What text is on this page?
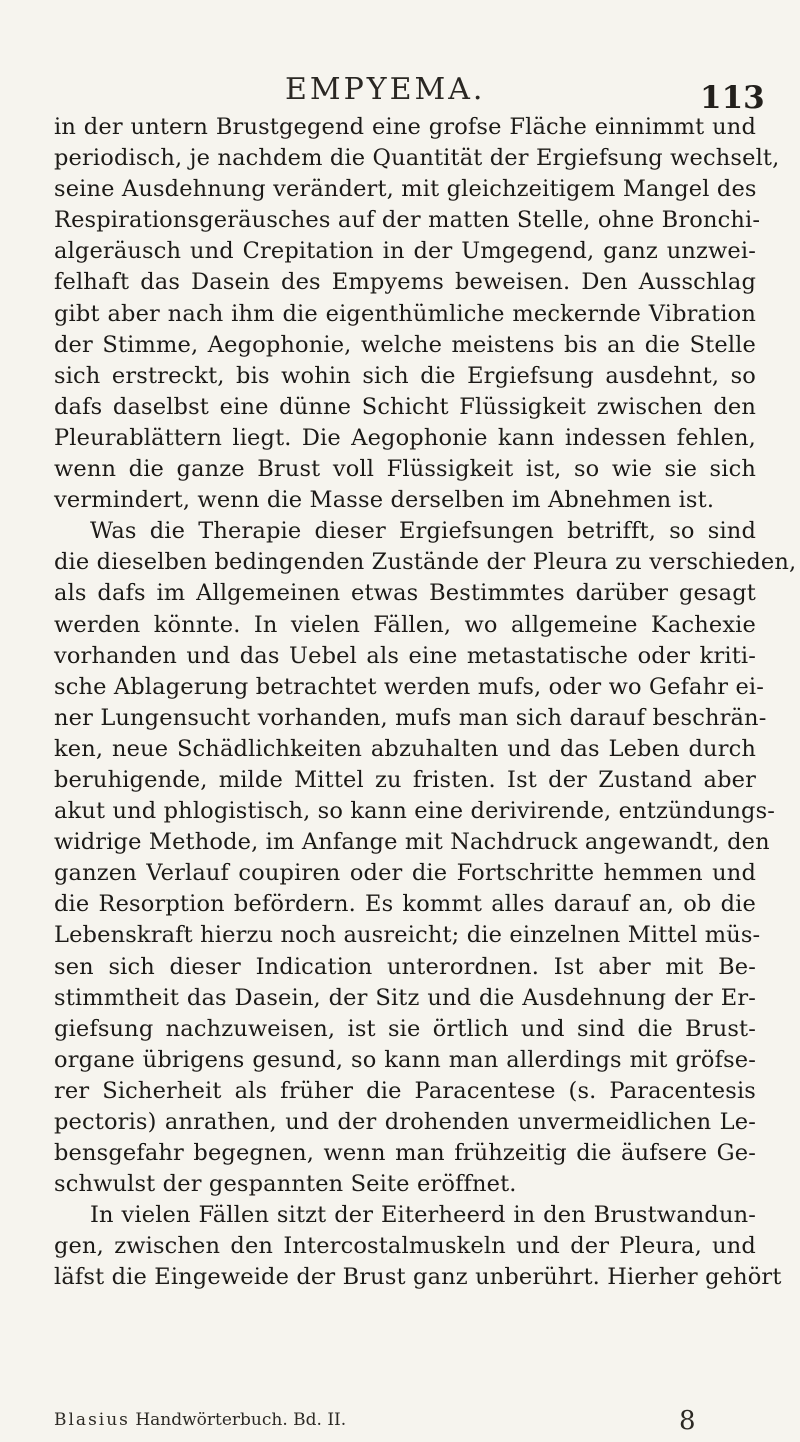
EMPYEMA.	113
in der untern Brustgegend eine grofse Fläche einnimmt und
periodisch, je nachdem die Quantität der Ergiefsung wechselt,
seine Ausdehnung verändert, mit gleichzeitigem Mangel des
Respirationsgeräusches auf der matten Stelle, ohne Bronchi-
algeräusch und Crepitation in der Umgegend, ganz unzwei-
felhaft das Dasein des Empyems beweisen. Den Ausschlag
gibt aber nach ihm die eigenthümliche meckernde Vibration
der Stimme, Aegophonie, welche meistens bis an die Stelle
sich erstreckt, bis wohin sich die Ergiefsung ausdehnt, so
dafs daselbst eine dünne Schicht Flüssigkeit zwischen den
Pleurablättern liegt. Die Aegophonie kann indessen fehlen,
wenn die ganze Brust voll Flüssigkeit ist, so wie sie sich
vermindert, wenn die Masse derselben im Abnehmen ist.
Was die Therapie dieser Ergiefsungen betrifft, so sind
die dieselben bedingenden Zustände der Pleura zu verschieden,
als dafs im Allgemeinen etwas Bestimmtes darüber gesagt
werden könnte. In vielen Fällen, wo allgemeine Kachexie
vorhanden und das Uebel als eine metastatische oder kriti-
sche Ablagerung betrachtet werden mufs, oder wo Gefahr ei-
ner Lungensucht vorhanden, mufs man sich darauf beschrän-
ken, neue Schädlichkeiten abzuhalten und das Leben durch
beruhigende, milde Mittel zu fristen. Ist der Zustand aber
akut und phlogistisch, so kann eine derivirende, entzündungs-
widrige Methode, im Anfange mit Nachdruck angewandt, den
ganzen Verlauf coupiren oder die Fortschritte hemmen und
die Resorption befördern. Es kommt alles darauf an, ob die
Lebenskraft hierzu noch ausreicht; die einzelnen Mittel müs-
sen sich dieser Indication unterordnen. Ist aber mit Be-
stimmtheit das Dasein, der Sitz und die Ausdehnung der Er-
giefsung nachzuweisen, ist sie örtlich und sind die Brust-
organe übrigens gesund, so kann man allerdings mit gröfse-
rer Sicherheit als früher die Paracentese (s. Paracentesis
pectoris) anrathen, und der drohenden unvermeidlichen Le-
bensgefahr begegnen, wenn man frühzeitig die äufsere Ge-
schwulst der gespannten Seite eröffnet.
In vielen Fällen sitzt der Eiterheerd in den Brustwandun-
gen, zwischen den Intercostalmuskeln und der Pleura, und
läfst die Eingeweide der Brust ganz unberührt. Hierher gehört
Blasius Handwörterbuch. Bd. II.	8
